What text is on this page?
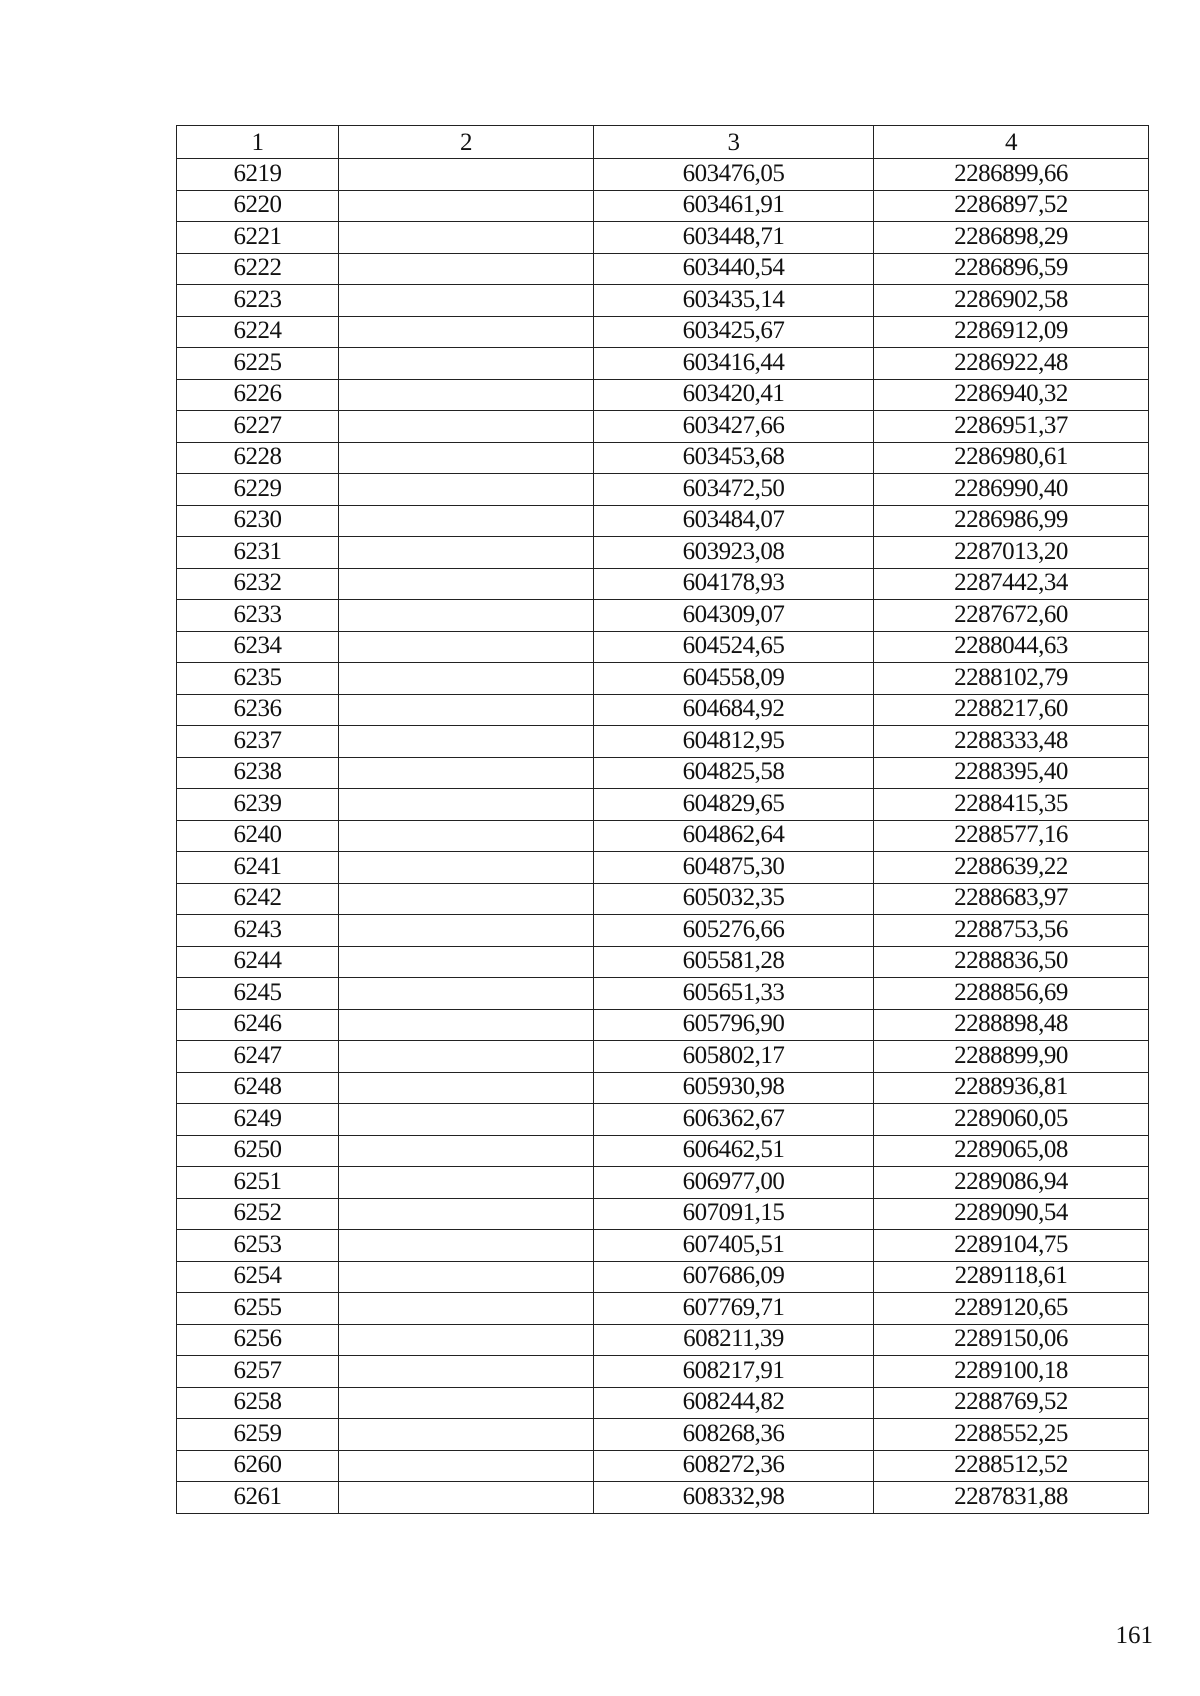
1	2	3	4
6219		603476,05	2286899,66
6220		603461,91	2286897,52
6221		603448,71	2286898,29
6222		603440,54	2286896,59
6223		603435,14	2286902,58
6224		603425,67	2286912,09
6225		603416,44	2286922,48
6226		603420,41	2286940,32
6227		603427,66	2286951,37
6228		603453,68	2286980,61
6229		603472,50	2286990,40
6230		603484,07	2286986,99
6231		603923,08	2287013,20
6232		604178,93	2287442,34
6233		604309,07	2287672,60
6234		604524,65	2288044,63
6235		604558,09	2288102,79
6236		604684,92	2288217,60
6237		604812,95	2288333,48
6238		604825,58	2288395,40
6239		604829,65	2288415,35
6240		604862,64	2288577,16
6241		604875,30	2288639,22
6242		605032,35	2288683,97
6243		605276,66	2288753,56
6244		605581,28	2288836,50
6245		605651,33	2288856,69
6246		605796,90	2288898,48
6247		605802,17	2288899,90
6248		605930,98	2288936,81
6249		606362,67	2289060,05
6250		606462,51	2289065,08
6251		606977,00	2289086,94
6252		607091,15	2289090,54
6253		607405,51	2289104,75
6254		607686,09	2289118,61
6255		607769,71	2289120,65
6256		608211,39	2289150,06
6257		608217,91	2289100,18
6258		608244,82	2288769,52
6259		608268,36	2288552,25
6260		608272,36	2288512,52
6261		608332,98	2287831,88
161
